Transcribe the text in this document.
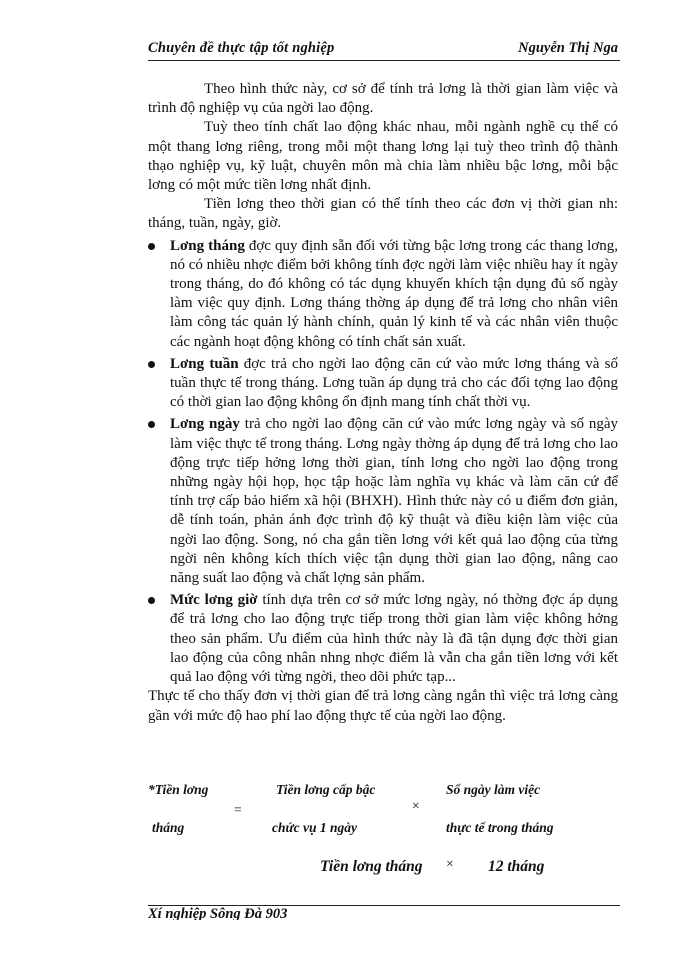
Chuyên đề thực tập tốt nghiệp	Nguyễn Thị Nga

Theo hình thức này, cơ sở để tính trả lơng là thời gian làm việc và trình độ nghiệp vụ của ngời lao động.

Tuỳ theo tính chất lao động khác nhau, mỗi ngành nghề cụ thể có một thang lơng riêng, trong mỗi một thang lơng lại tuỳ theo trình độ thành thạo nghiệp vụ, kỹ luật, chuyên môn mà chia làm nhiều bậc lơng, mỗi bậc lơng có một mức tiền lơng nhất định.

Tiền lơng theo thời gian có thể tính theo các đơn vị thời gian nh: tháng, tuần, ngày, giờ.

Lơng tháng đợc quy định sẵn đối với từng bậc lơng trong các thang lơng, nó có nhiều nhợc điểm bởi không tính đợc ngời làm việc nhiều hay ít ngày trong tháng, do đó không có tác dụng khuyến khích tận dụng đủ số ngày làm việc quy định. Lơng tháng thờng áp dụng để trả lơng cho nhân viên làm công tác quản lý hành chính, quản lý kinh tế và các nhân viên thuộc các ngành hoạt động không có tính chất sản xuất.
Lơng tuần đợc trả cho ngời lao động căn cứ vào mức lơng tháng và số tuần thực tế trong tháng. Lơng tuần áp dụng trả cho các đối tợng lao động có thời gian lao động không ổn định mang tính chất thời vụ.
Lơng ngày trả cho ngời lao động căn cứ vào mức lơng ngày và số ngày làm việc thực tế trong tháng. Lơng ngày thờng áp dụng để trả lơng cho lao động trực tiếp hởng lơng thời gian, tính lơng cho ngời lao động trong những ngày hội họp, học tập hoặc làm nghĩa vụ khác và làm căn cứ để tính trợ cấp bảo hiểm xã hội (BHXH). Hình thức này có u điểm đơn giản, dễ tính toán, phản ánh đợc trình độ kỹ thuật và điều kiện làm việc của ngời lao động. Song, nó cha gắn tiền lơng với kết quả lao động của từng ngời nên không kích thích việc tận dụng thời gian lao động, nâng cao năng suất lao động và chất lợng sản phẩm.
Mức lơng giờ tính dựa trên cơ sở mức lơng ngày, nó thờng đợc áp dụng để trả lơng cho lao động trực tiếp trong thời gian làm việc không hởng theo sản phẩm. Ưu điểm của hình thức này là đã tận dụng đợc thời gian lao động của công nhân nhng nhợc điểm là vẫn cha gắn tiền lơng với kết quả lao động với từng ngời, theo dõi phức tạp...

Thực tế cho thấy đơn vị thời gian để trả lơng càng ngắn thì việc trả lơng càng gần với mức độ hao phí lao động thực tế của ngời lao động.

*Tiền lơng
tháng
=
Tiền lơng cấp bậc
chức vụ 1 ngày
×
Số ngày làm việc
thực tế trong tháng
Tiền lơng tháng × 12 tháng
Xí nghiệp Sông Đà 903
